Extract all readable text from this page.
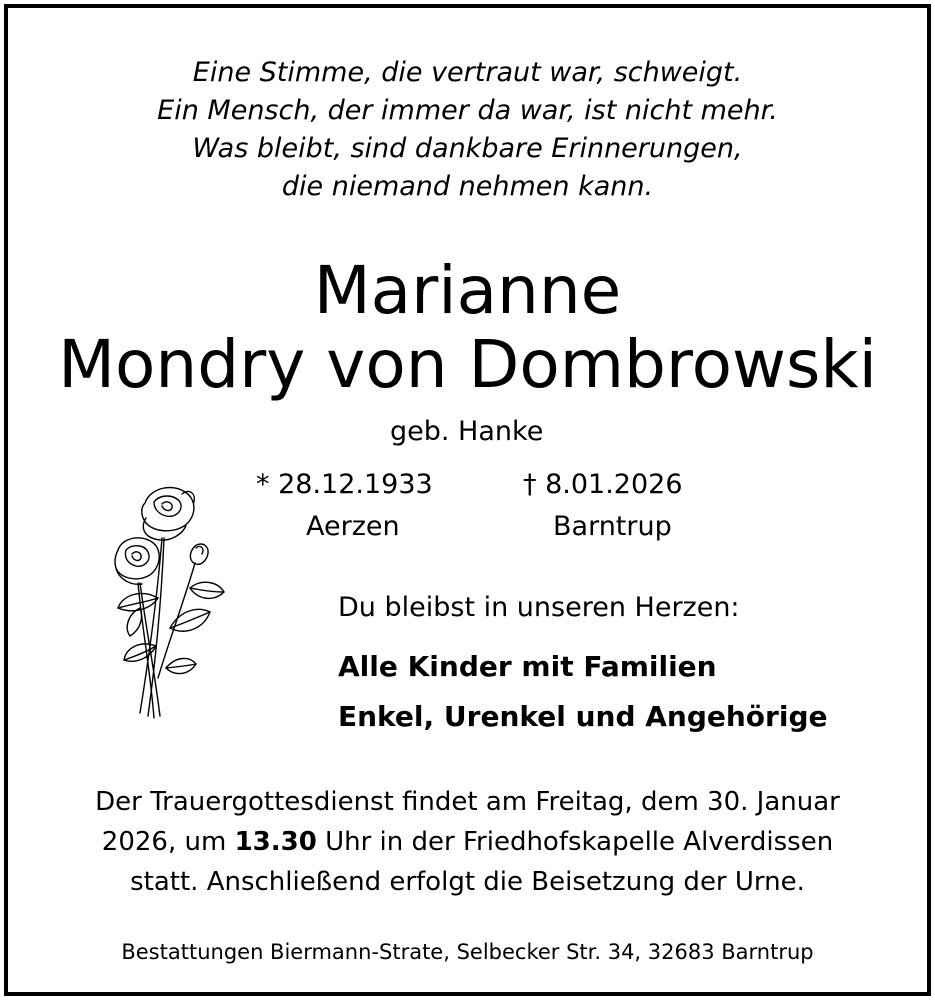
Eine Stimme, die vertraut war, schweigt.
Ein Mensch, der immer da war, ist nicht mehr.
Was bleibt, sind dankbare Erinnerungen,
die niemand nehmen kann.
Marianne
Mondry von Dombrowski
geb. Hanke
* 28.12.1933	† 8.01.2026
Aerzen	Barntrup
Du bleibst in unseren Herzen:
Alle Kinder mit Familien
Enkel, Urenkel und Angehörige
Der Trauergottesdienst findet am Freitag, dem 30. Januar
2026, um 13.30 Uhr in der Friedhofskapelle Alverdissen
statt. Anschließend erfolgt die Beisetzung der Urne.
Bestattungen Biermann-Strate, Selbecker Str. 34, 32683 Barntrup
